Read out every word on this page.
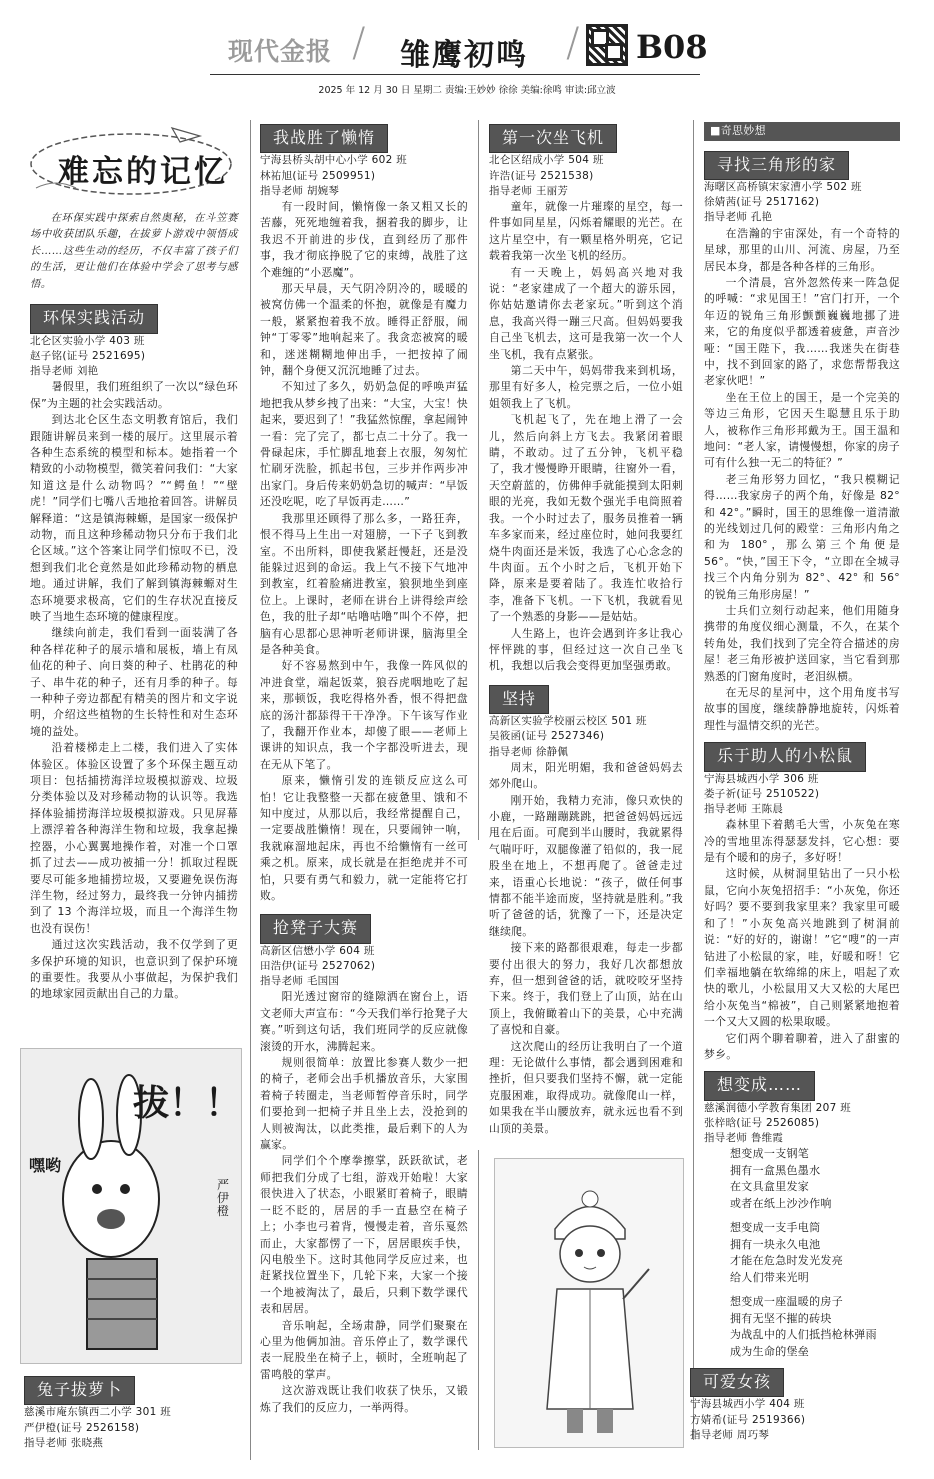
现代金报 / 雏鹰初鸣 / B08
2025 年 12 月 30 日 星期二 责编:王妙妙 徐徐 美编:徐鸣 审读:邱立波
难忘的记忆

在环保实践中探索自然奥秘，在斗笠赛场中收获团队乐趣，在拔萝卜游戏中领悟成长……这些生动的经历，不仅丰富了孩子们的生活，更让他们在体验中学会了思考与感悟。

环保实践活动
北仑区实验小学 403 班
赵子铭(证号 2521695)
指导老师 刘艳

暑假里，我们班组织了一次以“绿色环保”为主题的社会实践活动。

到达北仑区生态文明教育馆后，我们跟随讲解员来到一楼的展厅。这里展示着各种生态系统的模型和标本。她指着一个精致的小动物模型，微笑着问我们：“大家知道这是什么动物吗？”“鳄鱼！”“壁虎！”同学们七嘴八舌地抢着回答。讲解员解释道：“这是镇海棘螈，是国家一级保护动物，而且这种珍稀动物只分布于我们北仑区域。”这个答案让同学们惊叹不已，没想到我们北仑竟然是如此珍稀动物的栖息地。通过讲解，我们了解到镇海棘螈对生态环境要求极高，它们的生存状况直接反映了当地生态环境的健康程度。

继续向前走，我们看到一面装满了各种各样花种子的展示墙和展板，墙上有凤仙花的种子、向日葵的种子、杜鹃花的种子、串牛花的种子，还有月季的种子。每一种种子旁边都配有精美的图片和文字说明，介绍这些植物的生长特性和对生态环境的益处。

沿着楼梯走上二楼，我们进入了实体体验区。体验区设置了多个环保主题互动项目：包括捕捞海洋垃圾模拟游戏、垃圾分类体验以及对珍稀动物的认识等。我选择体验捕捞海洋垃圾模拟游戏。只见屏幕上漂浮着各种海洋生物和垃圾，我拿起操控器，小心翼翼地操作着，对准一个口罩抓了过去——成功被捕一分！抓取过程既要尽可能多地捕捞垃圾，又要避免误伤海洋生物，经过努力，最终我一分钟内捕捞到了 13 个海洋垃圾，而且一个海洋生物也没有误伤！

通过这次实践活动，我不仅学到了更多保护环境的知识，也意识到了保护环境的重要性。我要从小事做起，为保护我们的地球家园贡献出自己的力量。

拔！！
嘿哟
严伊橙
兔子拔萝卜
慈溪市庵东镇西二小学 301 班
严伊橙(证号 2526158)
指导老师 张晓燕
我战胜了懒惰
宁海县桥头胡中心小学 602 班
林祐旭(证号 2509951)
指导老师 胡婉琴

有一段时间，懒惰像一条又粗又长的苦藤，死死地缠着我，捆着我的脚步，让我迟不开前进的步伐，直到经历了那件事，我才彻底挣脱了它的束缚，战胜了这个难缠的“小恶魔”。

那天早晨，天气阴冷阴冷的，暖暖的被窝仿佛一个温柔的怀抱，就像是有魔力一般，紧紧抱着我不放。睡得正舒服，闹钟“丁零零”地响起来了。我贪恋被窝的暖和，迷迷糊糊地伸出手，一把按掉了闹钟，翻个身便又沉沉地睡了过去。

不知过了多久，奶奶急促的呼唤声猛地把我从梦乡拽了出来：“大宝，大宝！快起来，要迟到了！”我猛然惊醒，拿起闹钟一看：完了完了，都七点二十分了。我一骨碌起床，手忙脚乱地套上衣服，匆匆忙忙刷牙洗脸，抓起书包，三步并作两步冲出家门。身后传来奶奶急切的喊声：“早饭还没吃呢，吃了早饭再走……”

我那里还顾得了那么多，一路狂奔，恨不得马上生出一对翅膀，一下子飞到教室。不出所料，即使我紧赶慢赶，还是没能躲过迟到的命运。我上气不接下气地冲到教室，红着脸痛进教室，狼狈地坐到座位上。上课时，老师在讲台上讲得绘声绘色，我的肚子却“咕噜咕噜”叫个不停，把脑有心思都心思神听老师讲课，脑海里全是各种美食。

好不容易熬到中午，我像一阵风似的冲进食堂，端起饭菜，狼吞虎咽地吃了起来，那顿饭，我吃得格外香，恨不得把盘底的汤汁都舔得干干净净。下午该写作业了，我翻开作业本，却傻了眼——老师上课讲的知识点，我一个字都没听进去，现在无从下笔了。

原来，懒惰引发的连锁反应这么可怕！它让我整整一天都在疲惫里、饿和不知中度过，从那以后，我经常提醒自己，一定要战胜懒惰！现在，只要闹钟一响，我就麻溜地起床，再也不给懒惰有一丝可乘之机。原来，成长就是在拒绝虎并不可怕，只要有勇气和毅力，就一定能将它打败。

抢凳子大赛
高新区信懋小学 604 班
田浩伊(证号 2527062)
指导老师 毛国国

阳光透过窗帘的缝隙洒在窗台上，语文老师大声宣布：“今天我们举行抢凳子大赛。”听到这句话，我们班同学的反应就像滚烫的开水，沸腾起来。

规则很简单：放置比参赛人数少一把的椅子，老师会出手机播放音乐，大家围着椅子转圈走，当老师暂停音乐时，同学们要抢到一把椅子并且坐上去，没抢到的人则被淘汰，以此类推，最后剩下的人为赢家。

同学们个个摩拳擦掌，跃跃欲试，老师把我们分成了七组，游戏开始啦！大家很快进入了状态，小眼紧盯着椅子，眼睛一眨不眨的，居居的手一直悬空在椅子上；小李也弓着背，慢慢走着，音乐戛然而止，大家都愣了一下，居居眼疾手快，闪电般坐下。这时其他同学反应过来，也赶紧找位置坐下，几轮下来，大家一个接一个地被淘汰了，最后，只剩下数学课代表和居居。

音乐响起，全场肃静，同学们聚聚在心里为他俩加油。音乐停止了，数学课代表一屁股坐在椅子上，顿时，全班响起了雷鸣般的掌声。

这次游戏既让我们收获了快乐，又锻炼了我们的反应力，一举两得。

第一次坐飞机
北仑区绍成小学 504 班
许浩(证号 2521538)
指导老师 王丽芳

童年，就像一片璀璨的星空，每一件事如同星星，闪烁着耀眼的光芒。在这片星空中，有一颗星格外明亮，它记载着我第一次坐飞机的经历。

有一天晚上，妈妈高兴地对我说：“老家建成了一个超大的游乐园，你姑姑邀请你去老家玩。”听到这个消息，我高兴得一蹦三尺高。但妈妈要我自己坐飞机去，这可是我第一次一个人坐飞机，我有点紧张。

第二天中午，妈妈带我来到机场，那里有好多人，检完票之后，一位小姐姐领我上了飞机。

飞机起飞了，先在地上滑了一会儿，然后向斜上方飞去。我紧闭着眼睛，不敢动。过了五分钟，飞机平稳了，我才慢慢睁开眼睛，往窗外一看，天空蔚蓝的，仿佛伸手就能摸到太阳刺眼的光亮，我如无数个强光手电筒照着我。一个小时过去了，服务员推着一辆车多家而来，经过座位时，她问我要红烧牛肉面还是米饭，我选了心心念念的牛肉面。五个小时之后，飞机开始下降，原来是要着陆了。我连忙收拾行李，准备下飞机。一下飞机，我就看见了一个熟悉的身影——是姑姑。

人生路上，也许会遇到许多让我心怦怦跳的事，但经过这一次自己坐飞机，我想以后我会变得更加坚强勇敢。

坚持
高新区实验学校丽云校区 501 班
吴筱函(证号 2527346)
指导老师 徐静佩

周末，阳光明媚，我和爸爸妈妈去郊外爬山。

刚开始，我精力充沛，像只欢快的小鹿，一路蹦蹦跳跳，把爸爸妈妈远远甩在后面。可爬到半山腰时，我就累得气喘吁吁，双腿像灌了铅似的，我一屁股坐在地上，不想再爬了。爸爸走过来，语重心长地说：“孩子，做任何事情都不能半途而废，坚持就是胜利。”我听了爸爸的话，犹豫了一下，还是决定继续爬。

接下来的路都很艰难，每走一步都要付出很大的努力，我好几次都想放弃，但一想到爸爸的话，就咬咬牙坚持下来。终于，我们登上了山顶，站在山顶上，我俯瞰着山下的美景，心中充满了喜悦和自豪。

这次爬山的经历让我明白了一个道理：无论做什么事情，都会遇到困难和挫折，但只要我们坚持不懈，就一定能克服困难，取得成功。就像爬山一样，如果我在半山腰放弃，就永远也看不到山顶的美景。

可爱女孩
宁海县城西小学 404 班
方婧希(证号 2519366)
指导老师 周巧琴
■奇思妙想
寻找三角形的家
海曙区高桥镇宋家漕小学 502 班
徐婧茜(证号 2517162)
指导老师 孔艳

在浩瀚的宇宙深处，有一个奇特的星球，那里的山川、河流、房屋，乃至居民本身，都是各种各样的三角形。

一个清晨，宫外忽然传来一阵急促的呼喊：“求见国王！”宫门打开，一个年迈的锐角三角形颤颤巍巍地挪了进来，它的角度似乎都透着疲惫，声音沙哑：“国王陛下，我……我迷失在街巷中，找不到回家的路了，求您帮帮我这老家伙吧！”

坐在王位上的国王，是一个完美的等边三角形，它因天生聪慧且乐于助人，被称作三角形邦戴为王。国王温和地问：“老人家，请慢慢想，你家的房子可有什么独一无二的特征？”

老三角形努力回忆，“我只模糊记得……我家房子的两个角，好像是 82° 和 42°。”瞬时，国王的思维像一道清澈的光线划过几何的殿堂：三角形内角之和为 180°，那么第三个角便是 56°。“快，”国王下令，“立即在全城寻找三个内角分别为 82°、42° 和 56° 的锐角三角形房屋！”

士兵们立刻行动起来，他们用随身携带的角度仪细心测量，不久，在某个转角处，我们找到了完全符合描述的房屋！老三角形被护送回家，当它看到那熟悉的门窗角度时，老泪纵横。

在无尽的星河中，这个用角度书写故事的国度，继续静静地旋转，闪烁着理性与温情交织的光芒。

乐于助人的小松鼠
宁海县城西小学 306 班
娄子祈(证号 2510522)
指导老师 王陈晨

森林里下着鹅毛大雪，小灰兔在寒冷的雪地里冻得瑟瑟发抖，它心想：要是有个暖和的房子，多好呀！

这时候，从树洞里钻出了一只小松鼠，它向小灰兔招招手：“小灰兔，你还好吗？要不要到我家里来？我家里可暖和了！”小灰兔高兴地跳到了树洞前说：“好的好的，谢谢！”它“嗖”的一声钻进了小松鼠的家，哇，好暖和呀！它们幸福地躺在软绵绵的床上，唱起了欢快的歌儿，小松鼠用又大又松的大尾巴给小灰兔当“棉被”，自己则紧紧地抱着一个又大又圆的松果取暖。

它们两个聊着聊着，进入了甜蜜的梦乡。

想变成……
慈溪润德小学教育集团 207 班
张梓晗(证号 2526085)
指导老师 鲁维霞
想变成一支钢笔
拥有一盒黑色墨水
在文具盒里发家
或者在纸上沙沙作响
想变成一支手电筒
拥有一块永久电池
才能在危急时发光发亮
给人们带来光明
想变成一座温暖的房子
拥有无坚不摧的砖块
为战乱中的人们抵挡枪林弹雨
成为生命的堡垒
